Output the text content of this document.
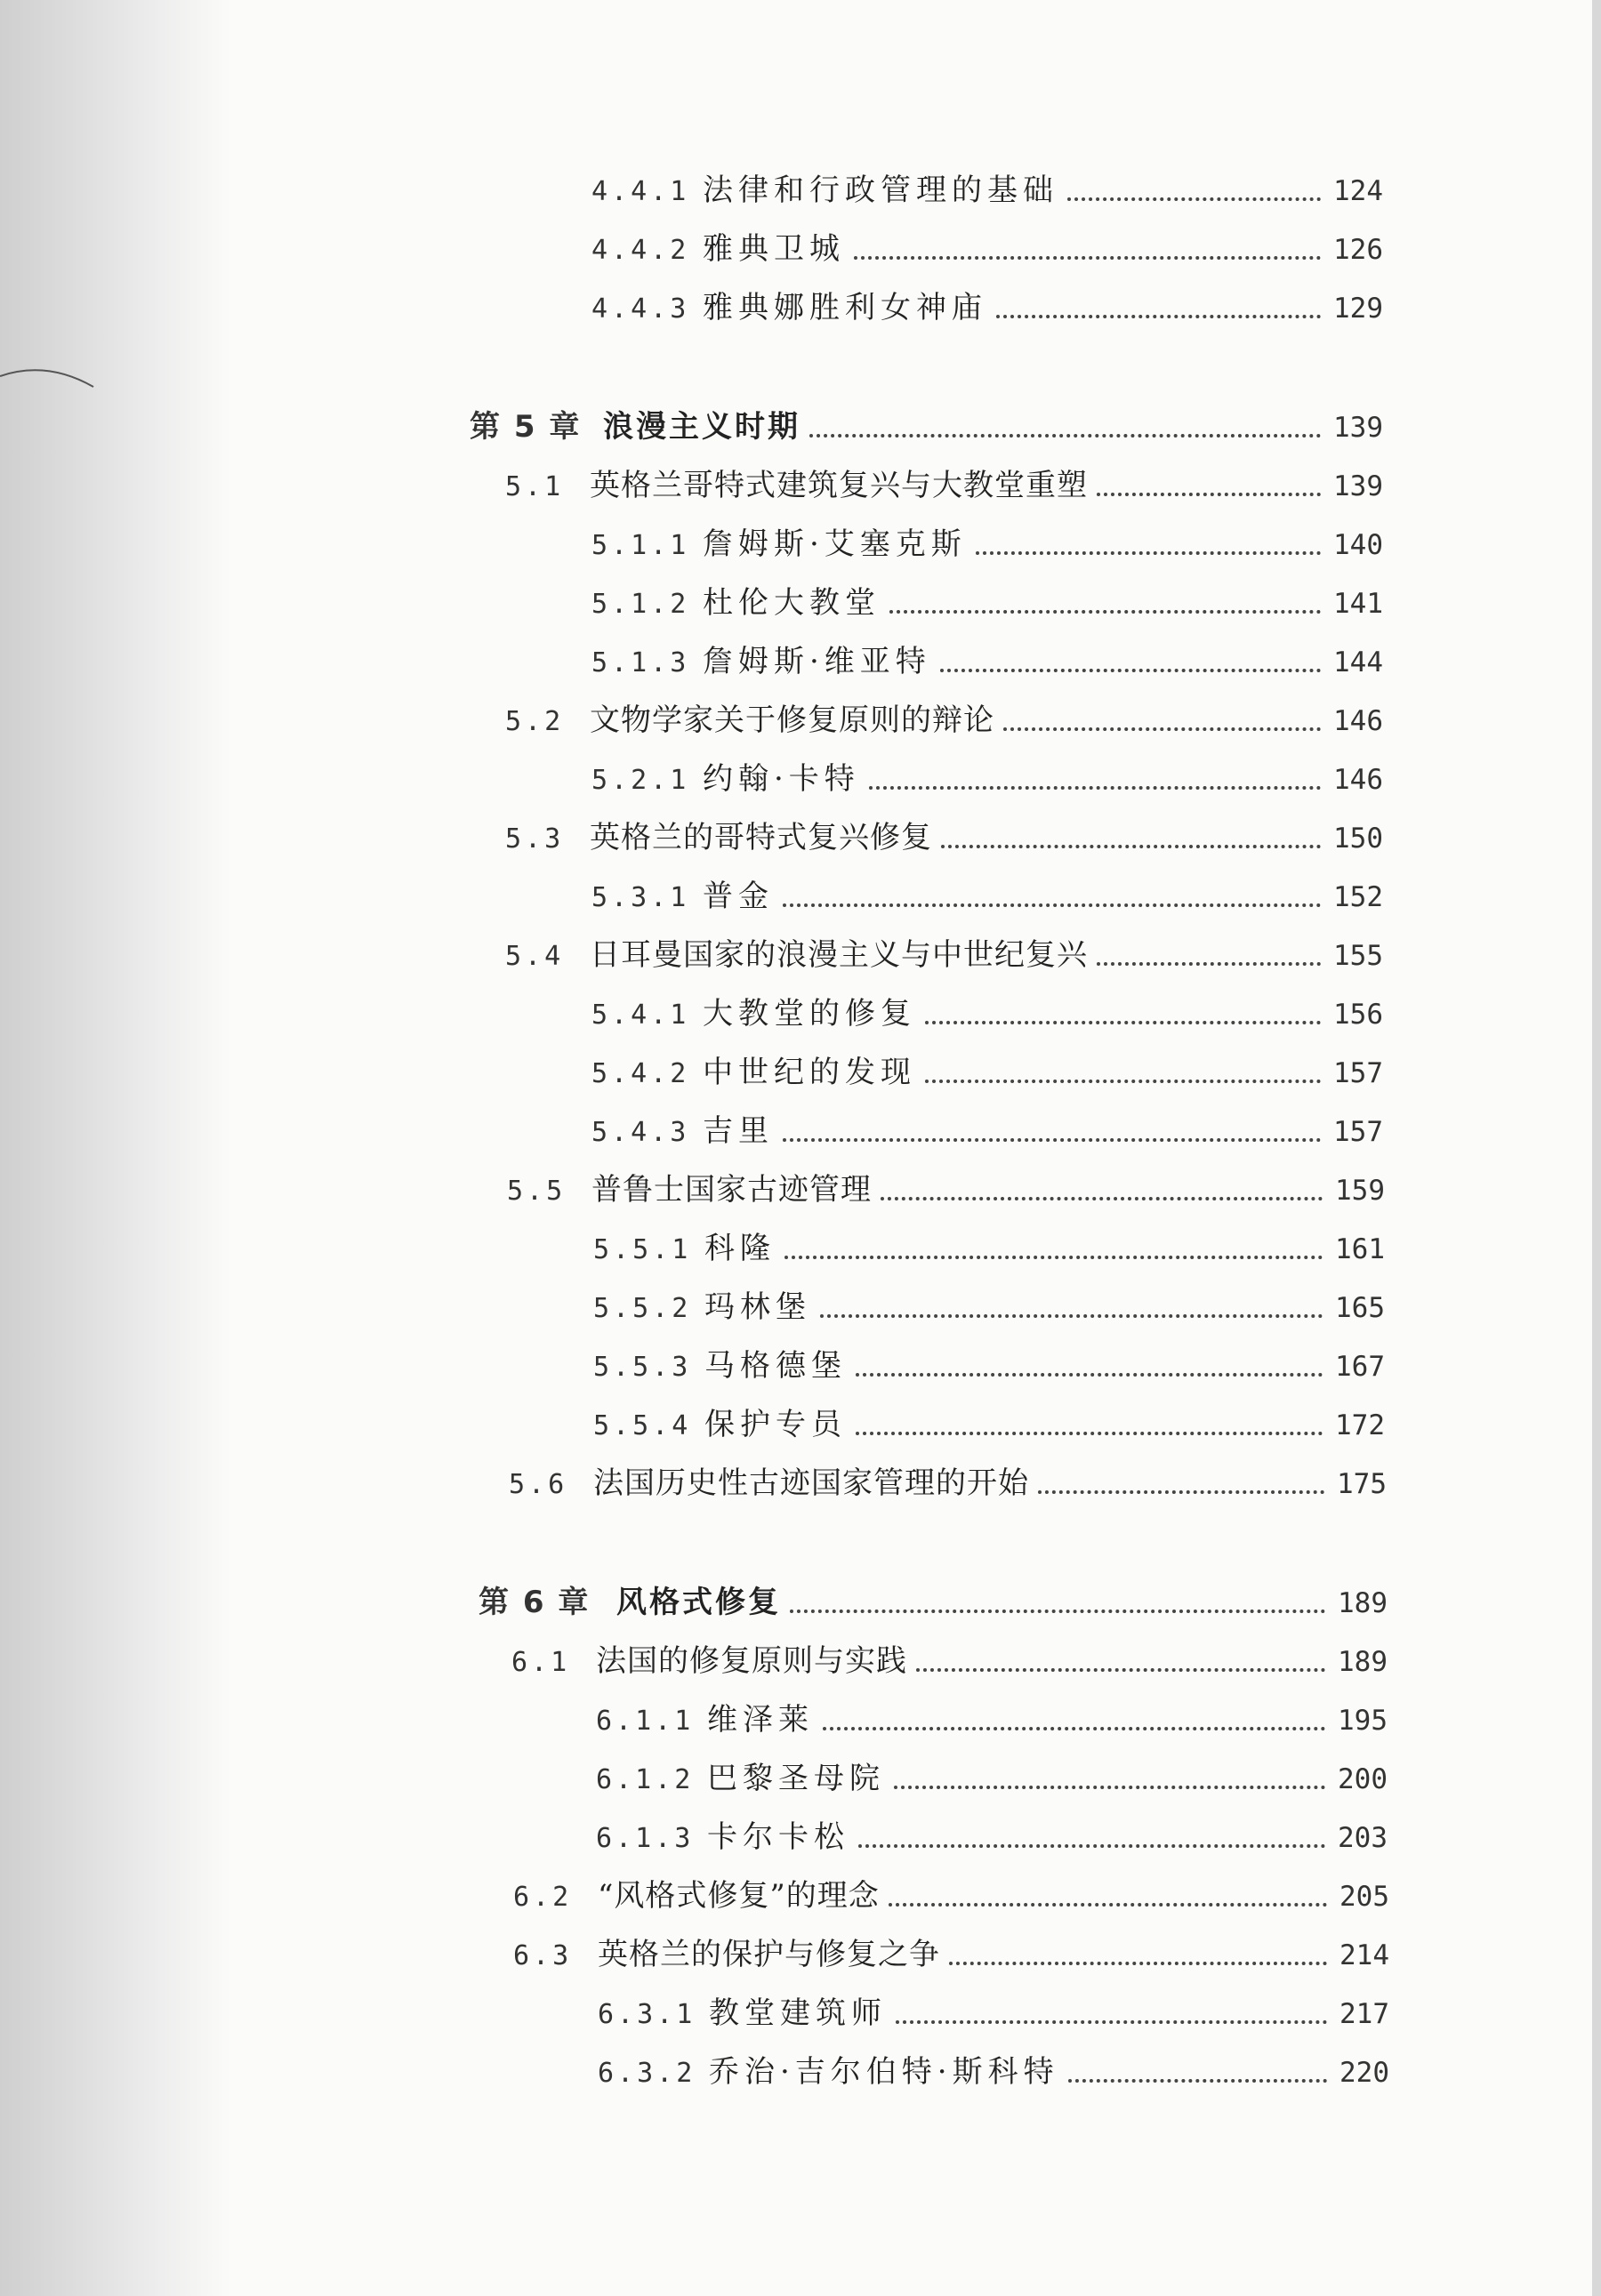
4.4.1 法律和行政管理的基础	124
4.4.2 雅典卫城	126
4.4.3 雅典娜胜利女神庙	129
第 5 章 浪漫主义时期	139
5.1 英格兰哥特式建筑复兴与大教堂重塑	139
5.1.1 詹姆斯·艾塞克斯	140
5.1.2 杜伦大教堂	141
5.1.3 詹姆斯·维亚特	144
5.2 文物学家关于修复原则的辩论	146
5.2.1 约翰·卡特	146
5.3 英格兰的哥特式复兴修复	150
5.3.1 普金	152
5.4 日耳曼国家的浪漫主义与中世纪复兴	155
5.4.1 大教堂的修复	156
5.4.2 中世纪的发现	157
5.4.3 吉里	157
5.5 普鲁士国家古迹管理	159
5.5.1 科隆	161
5.5.2 玛林堡	165
5.5.3 马格德堡	167
5.5.4 保护专员	172
5.6 法国历史性古迹国家管理的开始	175
第 6 章 风格式修复	189
6.1 法国的修复原则与实践	189
6.1.1 维泽莱	195
6.1.2 巴黎圣母院	200
6.1.3 卡尔卡松	203
6.2 “风格式修复”的理念	205
6.3 英格兰的保护与修复之争	214
6.3.1 教堂建筑师	217
6.3.2 乔治·吉尔伯特·斯科特	220
